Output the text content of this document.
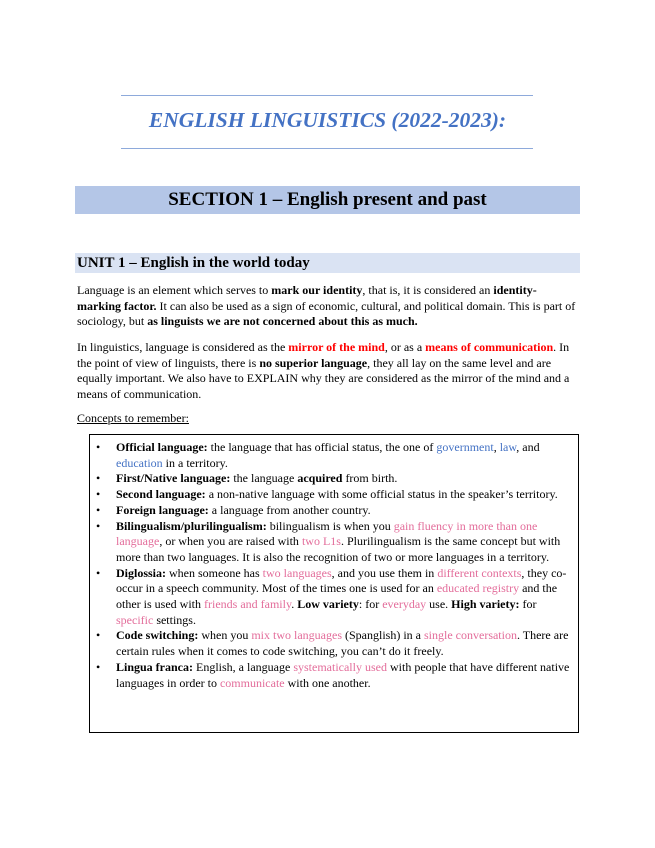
ENGLISH LINGUISTICS (2022-2023):
SECTION 1 – English present and past
UNIT 1 – English in the world today
Language is an element which serves to mark our identity, that is, it is considered an identity-marking factor. It can also be used as a sign of economic, cultural, and political domain. This is part of sociology, but as linguists we are not concerned about this as much.
In linguistics, language is considered as the mirror of the mind, or as a means of communication. In the point of view of linguists, there is no superior language, they all lay on the same level and are equally important. We also have to EXPLAIN why they are considered as the mirror of the mind and a means of communication.
Concepts to remember:
• Official language: the language that has official status, the one of government, law, and education in a territory.
• First/Native language: the language acquired from birth.
• Second language: a non-native language with some official status in the speaker’s territory.
• Foreign language: a language from another country.
• Bilingualism/plurilingualism: bilingualism is when you gain fluency in more than one language, or when you are raised with two L1s. Plurilingualism is the same concept but with more than two languages. It is also the recognition of two or more languages in a territory.
• Diglossia: when someone has two languages, and you use them in different contexts, they co-occur in a speech community. Most of the times one is used for an educated registry and the other is used with friends and family. Low variety: for everyday use. High variety: for specific settings.
• Code switching: when you mix two languages (Spanglish) in a single conversation. There are certain rules when it comes to code switching, you can’t do it freely.
• Lingua franca: English, a language systematically used with people that have different native languages in order to communicate with one another.
